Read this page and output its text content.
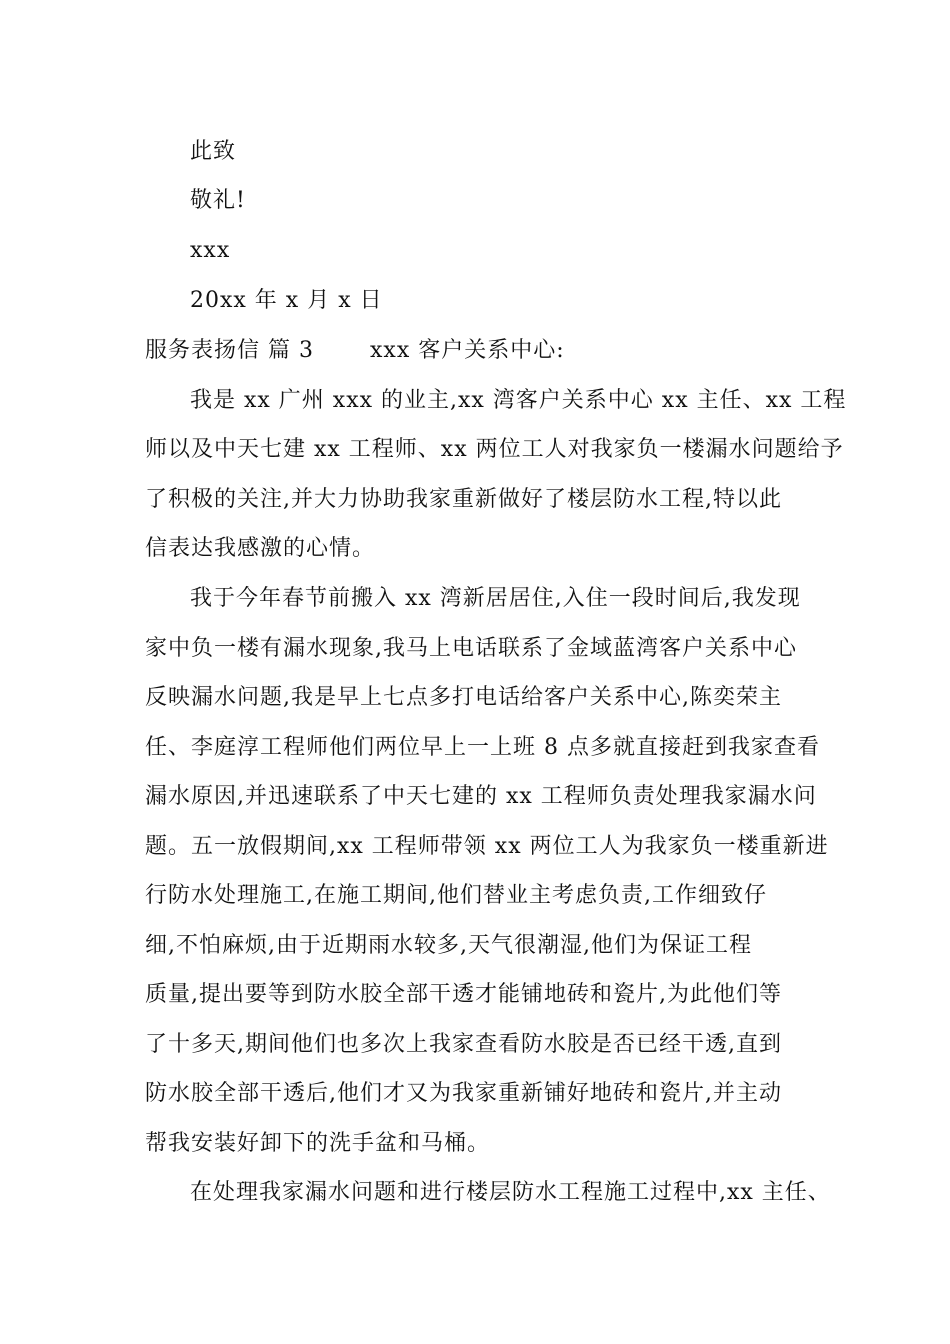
此致
敬礼!
xxx
20xx 年 x 月 x 日
服务表扬信 篇 3	xxx 客户关系中心:
我是 xx 广州 xxx 的业主,xx 湾客户关系中心 xx 主任、xx 工程
师以及中天七建 xx 工程师、xx 两位工人对我家负一楼漏水问题给予
了积极的关注,并大力协助我家重新做好了楼层防水工程,特以此
信表达我感激的心情。
我于今年春节前搬入 xx 湾新居居住,入住一段时间后,我发现
家中负一楼有漏水现象,我马上电话联系了金域蓝湾客户关系中心
反映漏水问题,我是早上七点多打电话给客户关系中心,陈奕荣主
任、李庭淳工程师他们两位早上一上班 8 点多就直接赶到我家查看
漏水原因,并迅速联系了中天七建的 xx 工程师负责处理我家漏水问
题。五一放假期间,xx 工程师带领 xx 两位工人为我家负一楼重新进
行防水处理施工,在施工期间,他们替业主考虑负责,工作细致仔
细,不怕麻烦,由于近期雨水较多,天气很潮湿,他们为保证工程
质量,提出要等到防水胶全部干透才能铺地砖和瓷片,为此他们等
了十多天,期间他们也多次上我家查看防水胶是否已经干透,直到
防水胶全部干透后,他们才又为我家重新铺好地砖和瓷片,并主动
帮我安装好卸下的洗手盆和马桶。
在处理我家漏水问题和进行楼层防水工程施工过程中,xx 主任、
